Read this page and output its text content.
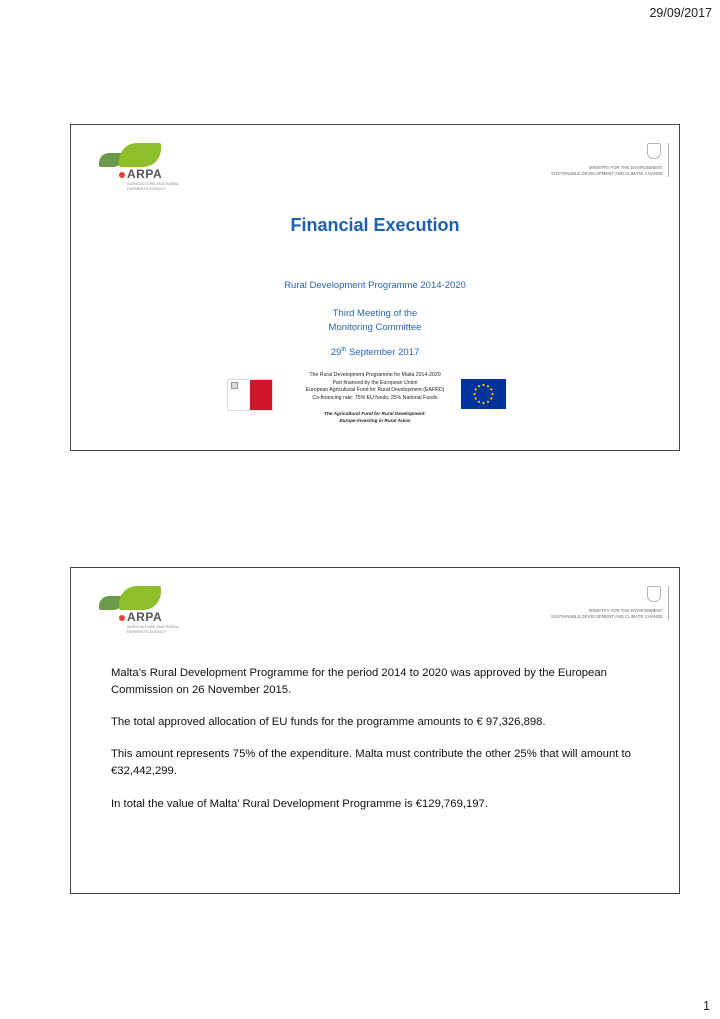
29/09/2017
ARPA
AGRICULTURE AND RURAL PAYMENTS AGENCY
MINISTRY FOR THE ENVIRONMENT,
SUSTAINABLE DEVELOPMENT AND CLIMATE CHANGE
Financial Execution
Rural Development Programme 2014-2020
Third Meeting of the
Monitoring Committee
29th September 2017
The Rural Development Programme for Malta 2014-2020
Part financed by the European Union
European Agricultural Fund for Rural Development (EAFRD)
Co-financing rate: 75% EU funds; 25% National Funds
The Agricultural Fund for Rural Development:
Europe Investing in Rural Areas
ARPA
AGRICULTURE AND RURAL PAYMENTS AGENCY
MINISTRY FOR THE ENVIRONMENT,
SUSTAINABLE DEVELOPMENT AND CLIMATE CHANGE
Malta’s Rural Development Programme for the period 2014 to 2020 was approved by the European Commission on 26 November 2015.
The total approved allocation of EU funds for the programme amounts to € 97,326,898.
This amount represents 75% of the expenditure. Malta must contribute the other 25% that will amount to €32,442,299.
In total the value of Malta’ Rural Development Programme is €129,769,197.
1
